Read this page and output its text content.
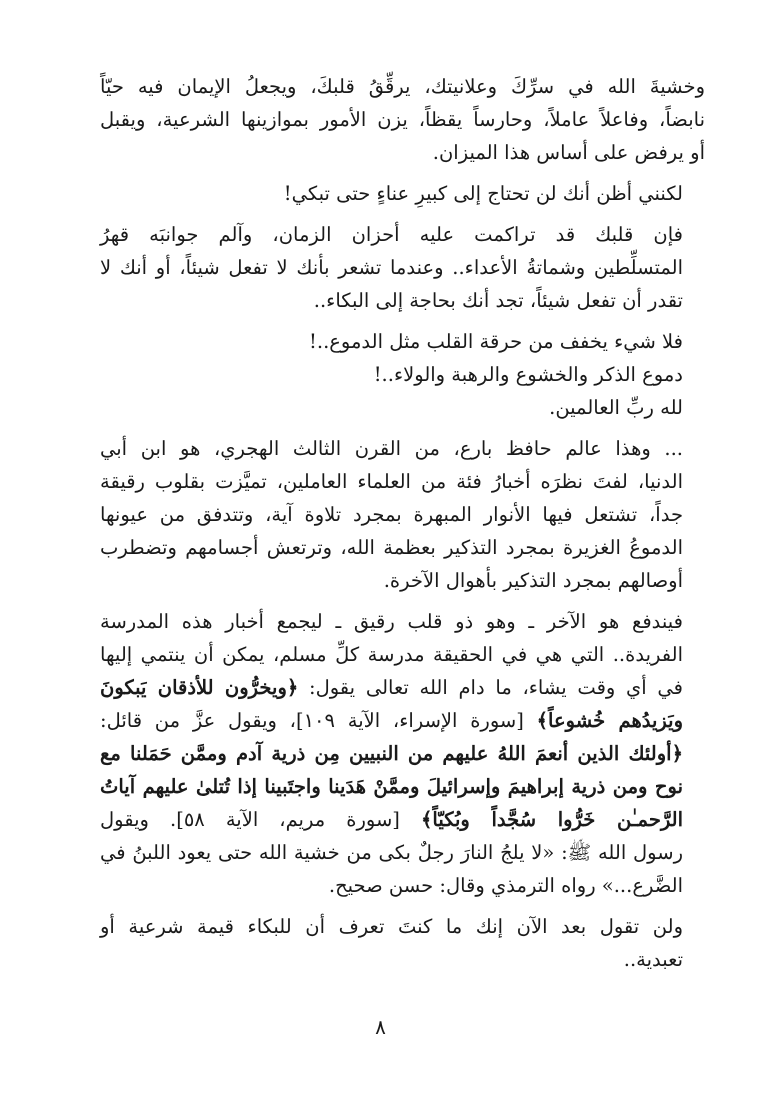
وخشيةَ الله في سرِّكَ وعلانيتك، يرقِّقُ قلبكَ، ويجعلُ الإيمان فيه حيّاً
نابضاً، وفاعلاً عاملاً، وحارساً يقظاً، يزن الأمور بموازينها الشرعية، ويقبل
أو يرفض على أساس هذا الميزان.

لكنني أظن أنك لن تحتاج إلى كبيرِ عناءٍ حتى تبكي!

فإن قلبك قد تراكمت عليه أحزان الزمان، وآلم جوانبَه قهرُ
المتسلِّطين وشماتةُ الأعداء.. وعندما تشعر بأنك لا تفعل شيئاً، أو أنك لا
تقدر أن تفعل شيئاً، تجد أنك بحاجة إلى البكاء..

فلا شيء يخفف من حرقة القلب مثل الدموع..!

دموع الذكر والخشوع والرهبة والولاء..!

لله ربِّ العالمين.

... وهذا عالم حافظ بارع، من القرن الثالث الهجري، هو ابن أبي
الدنيا، لفتَ نظرَه أخبارُ فئة من العلماء العاملين، تميَّزت بقلوب رقيقة
جداً، تشتعل فيها الأنوار المبهرة بمجرد تلاوة آية، وتتدفق من عيونها
الدموعُ الغزيرة بمجرد التذكير بعظمة الله، وترتعش أجسامهم وتضطرب
أوصالهم بمجرد التذكير بأهوال الآخرة.

فيندفع هو الآخر ـ وهو ذو قلب رقيق ـ ليجمع أخبار هذه المدرسة
الفريدة.. التي هي في الحقيقة مدرسة كلِّ مسلم، يمكن أن ينتمي إليها
في أي وقت يشاء، ما دام الله تعالى يقول: ﴿ويخرُّون للأذقان يَبكونَ
ويَزيدُهم خُشوعاً﴾ [سورة الإسراء، الآية ١٠٩]، ويقول عزَّ من قائل:
﴿أولئك الذين أنعمَ اللهُ عليهم من النبيين مِن ذرية آدم وممَّن حَمَلنا مع
نوح ومن ذرية إبراهيمَ وإسرائيلَ وممَّنْ هَدَينا واجتَبينا إذا تُتلىٰ عليهم آياتُ
الرَّحمـٰن خَرُّوا سُجَّداً وبُكيّاً﴾ [سورة مريم، الآية ٥٨]. ويقول
رسول الله ﷺ: «لا يلجُ النارَ رجلٌ بكى من خشية الله حتى يعود اللبنُ في
الضَّرع...» رواه الترمذي وقال: حسن صحيح.

ولن تقول بعد الآن إنك ما كنتَ تعرف أن للبكاء قيمة شرعية أو
تعبدية..

٨
